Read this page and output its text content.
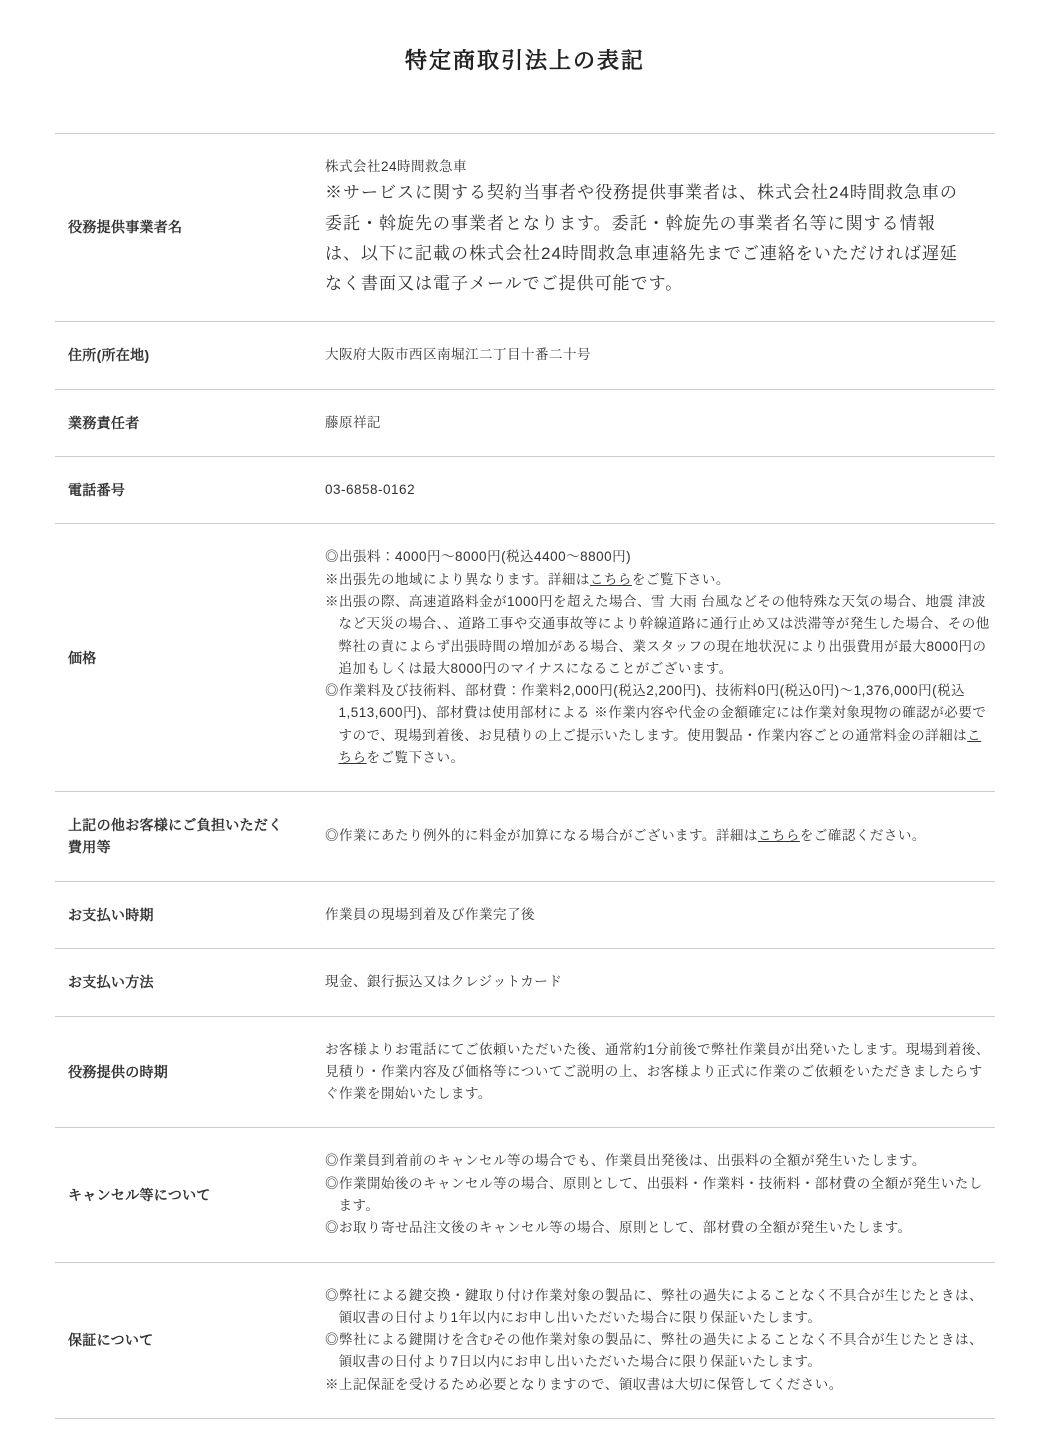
特定商取引法上の表記
役務提供事業者名	株式会社24時間救急車

※サービスに関する契約当事者や役務提供事業者は、株式会社24時間救急車の委託・斡旋先の事業者となります。委託・斡旋先の事業者名等に関する情報は、以下に記載の株式会社24時間救急車連絡先までご連絡をいただければ遅延なく書面又は電子メールでご提供可能です。

住所(所在地)	大阪府大阪市西区南堀江二丁目十番二十号

業務責任者	藤原祥記

電話番号	03-6858-0162

価格	◎出張料：4000円～8000円(税込4400～8800円)

※出張先の地域により異なります。詳細はこちらをご覧下さい。

※出張の際、高速道路料金が1000円を超えた場合、雪 大雨 台風などその他特殊な天気の場合、地震 津波など天災の場合、、道路工事や交通事故等により幹線道路に通行止め又は渋滞等が発生した場合、その他弊社の責によらず出張時間の増加がある場合、業スタッフの現在地状況により出張費用が最大8000円の追加もしくは最大8000円のマイナスになることがございます。

◎作業料及び技術料、部材費：作業料2,000円(税込2,200円)、技術料0円(税込0円)～1,376,000円(税込 1,513,600円)、部材費は使用部材による ※作業内容や代金の金額確定には作業対象現物の確認が必要ですので、現場到着後、お見積りの上ご提示いたします。使用製品・作業内容ごとの通常料金の詳細はこちらをご覧下さい。

上記の他お客様にご負担いただく費用等	◎作業にあたり例外的に料金が加算になる場合がございます。詳細はこちらをご確認ください。

お支払い時期	作業員の現場到着及び作業完了後

お支払い方法	現金、銀行振込又はクレジットカード

役務提供の時期	お客様よりお電話にてご依頼いただいた後、通常約1分前後で弊社作業員が出発いたします。現場到着後、見積り・作業内容及び価格等についてご説明の上、お客様より正式に作業のご依頼をいただきましたらすぐ作業を開始いたします。

キャンセル等について	◎作業員到着前のキャンセル等の場合でも、作業員出発後は、出張料の全額が発生いたします。

◎作業開始後のキャンセル等の場合、原則として、出張料・作業料・技術料・部材費の全額が発生いたします。

◎お取り寄せ品注文後のキャンセル等の場合、原則として、部材費の全額が発生いたします。

保証について	◎弊社による鍵交換・鍵取り付け作業対象の製品に、弊社の過失によることなく不具合が生じたときは、領収書の日付より1年以内にお申し出いただいた場合に限り保証いたします。

◎弊社による鍵開けを含むその他作業対象の製品に、弊社の過失によることなく不具合が生じたときは、領収書の日付より7日以内にお申し出いただいた場合に限り保証いたします。

※上記保証を受けるため必要となりますので、領収書は大切に保管してください。
